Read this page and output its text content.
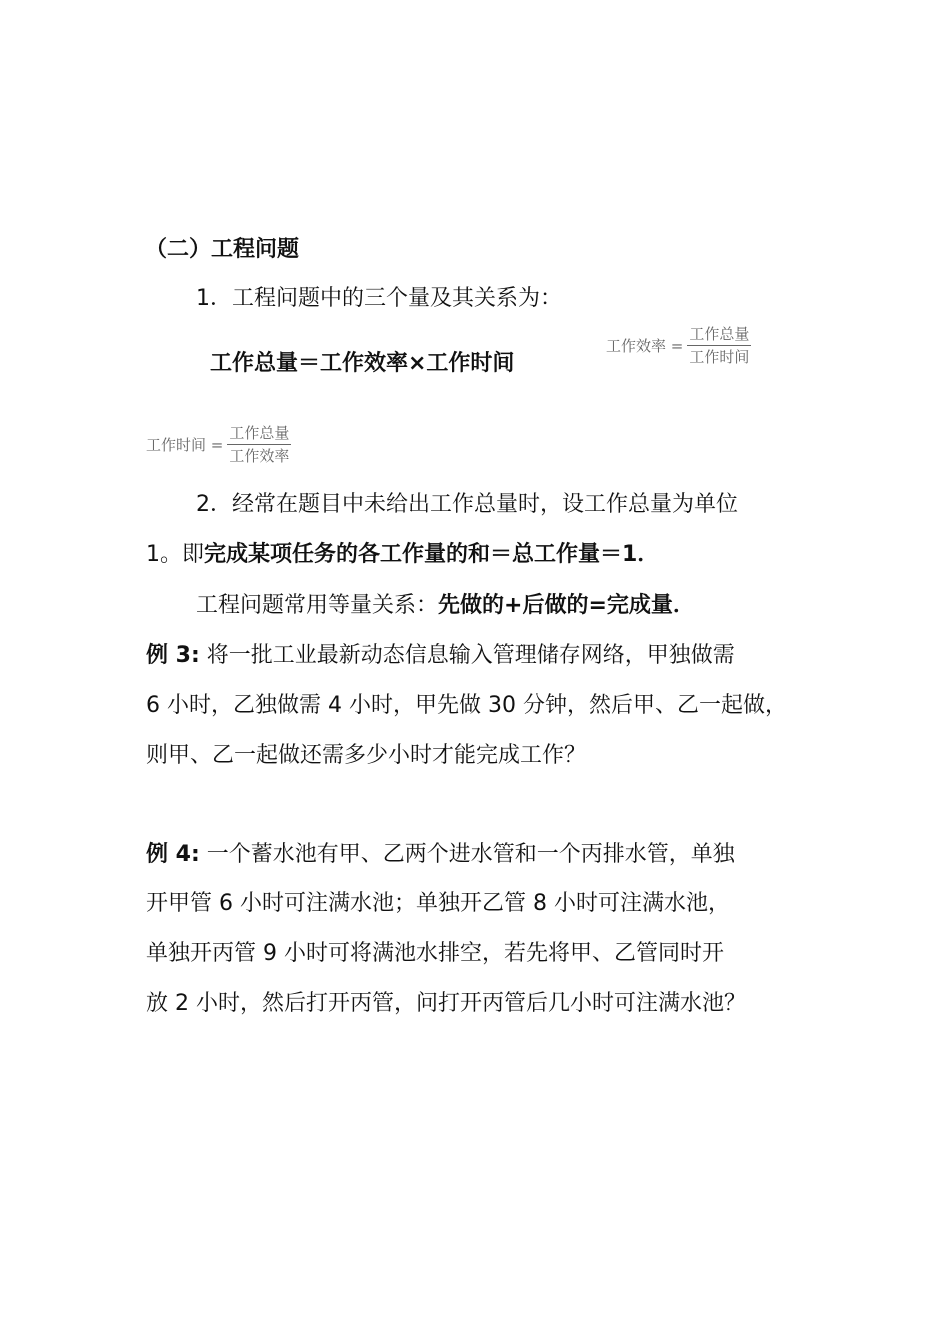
（二）工程问题
1．工程问题中的三个量及其关系为：
工作总量＝工作效率×工作时间
工作效率 = $\frac{\text{工作总量}}{\text{工作时间}}$
工作时间 = $\frac{\text{工作总量}}{\text{工作效率}}$
2．经常在题目中未给出工作总量时，设工作总量为单位
1。即完成某项任务的各工作量的和＝总工作量＝1．
工程问题常用等量关系：先做的+后做的=完成量．
例 3: 将一批工业最新动态信息输入管理储存网络，甲独做需
6 小时，乙独做需 4 小时，甲先做 30 分钟，然后甲、乙一起做，
则甲、乙一起做还需多少小时才能完成工作？
例 4: 一个蓄水池有甲、乙两个进水管和一个丙排水管，单独
开甲管 6 小时可注满水池；单独开乙管 8 小时可注满水池，
单独开丙管 9 小时可将满池水排空，若先将甲、乙管同时开
放 2 小时，然后打开丙管，问打开丙管后几小时可注满水池？
